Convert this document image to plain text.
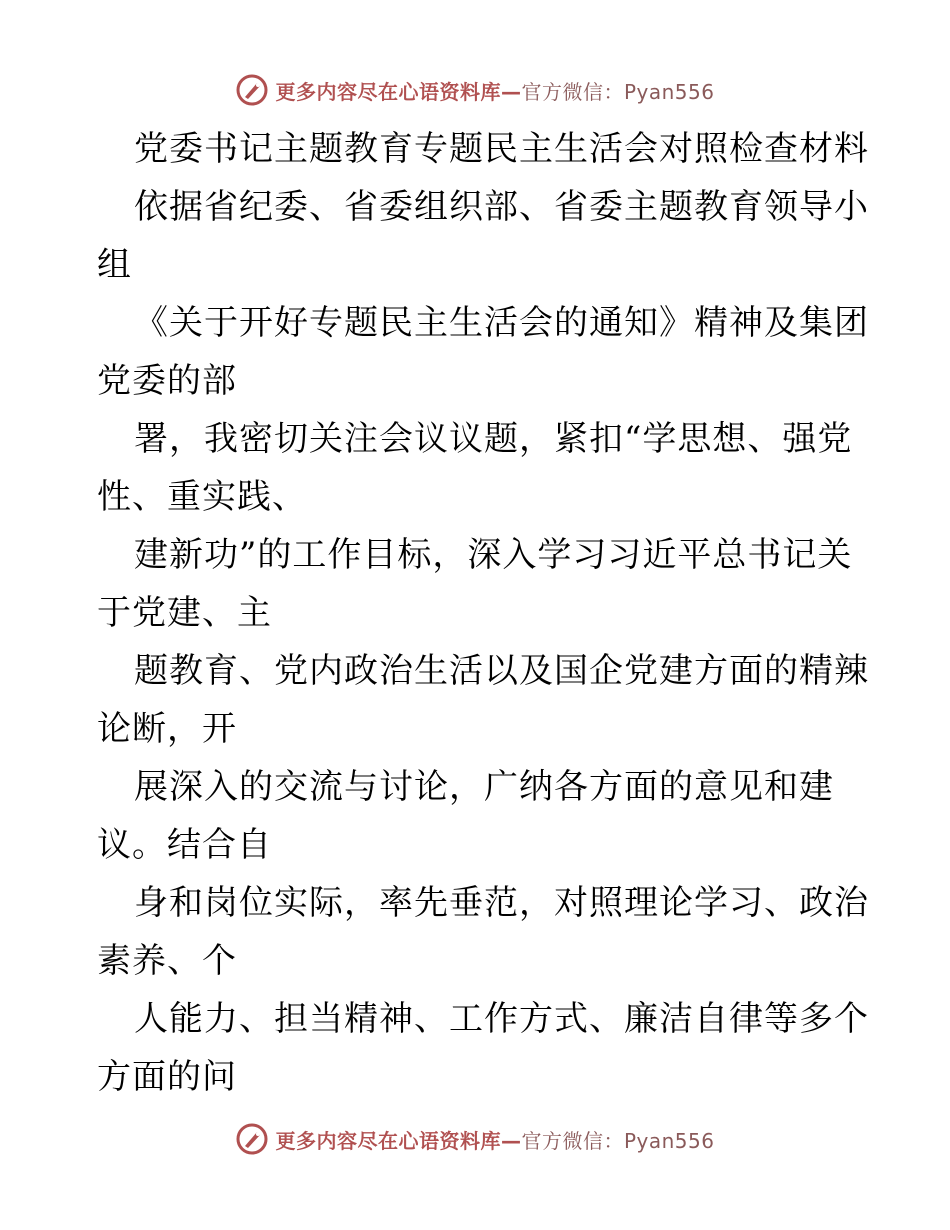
更多内容尽在心语资料库—官方微信：Pyan556
党委书记主题教育专题民主生活会对照检查材料
依据省纪委、省委组织部、省委主题教育领导小
组
《关于开好专题民主生活会的通知》精神及集团
党委的部
署，我密切关注会议议题，紧扣“学思想、强党
性、重实践、
建新功”的工作目标，深入学习习近平总书记关
于党建、主
题教育、党内政治生活以及国企党建方面的精辣
论断，开
展深入的交流与讨论，广纳各方面的意见和建
议。结合自
身和岗位实际，率先垂范，对照理论学习、政治
素养、个
人能力、担当精神、工作方式、廉洁自律等多个
方面的问
更多内容尽在心语资料库—官方微信：Pyan556
